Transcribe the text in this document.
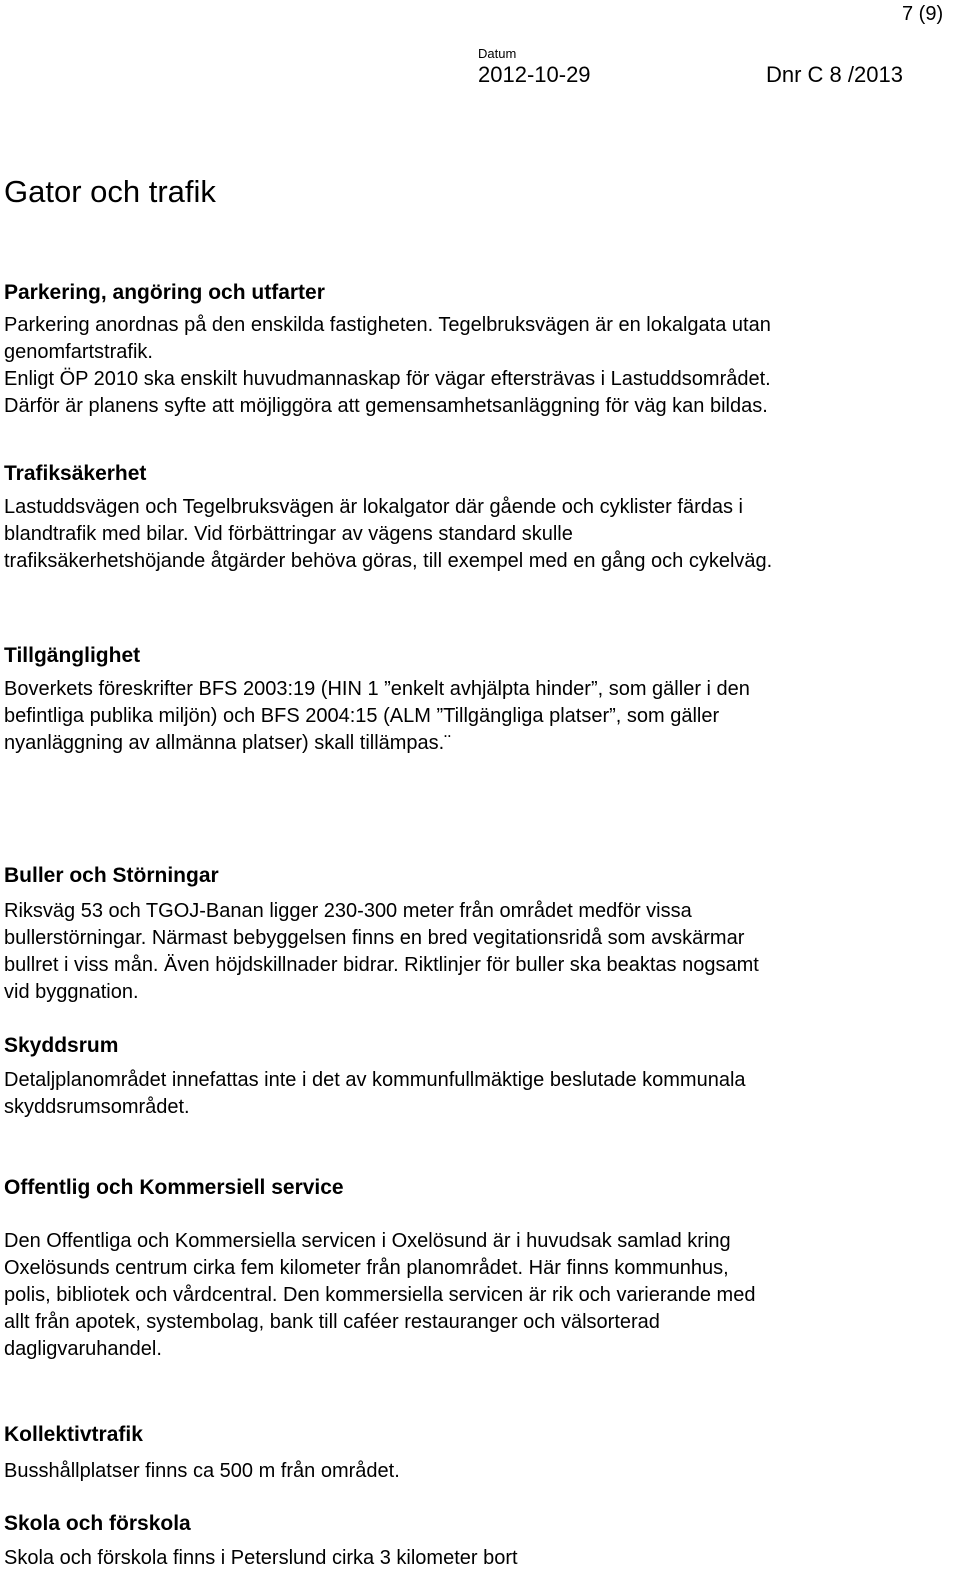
7 (9)
Datum
2012-10-29	Dnr C 8 /2013
Gator och trafik
Parkering, angöring och utfarter
Parkering anordnas på den enskilda fastigheten. Tegelbruksvägen är en lokalgata utan
genomfartstrafik.
Enligt ÖP 2010 ska enskilt huvudmannaskap för vägar eftersträvas i Lastuddsområdet.
Därför är planens syfte att möjliggöra att gemensamhetsanläggning för väg kan bildas.
Trafiksäkerhet
Lastuddsvägen och Tegelbruksvägen är lokalgator där gående och cyklister färdas i
blandtrafik med bilar. Vid förbättringar av vägens standard skulle
trafiksäkerhetshöjande åtgärder behöva göras, till exempel med en gång och cykelväg.
Tillgänglighet
Boverkets föreskrifter BFS 2003:19 (HIN 1 ”enkelt avhjälpta hinder”, som gäller i den
befintliga publika miljön) och BFS 2004:15 (ALM ”Tillgängliga platser”, som gäller
nyanläggning av allmänna platser) skall tillämpas.¨
Buller och Störningar
Riksväg 53 och TGOJ-Banan ligger 230-300 meter från området medför vissa
bullerstörningar. Närmast bebyggelsen finns en bred vegitationsridå som avskärmar
bullret i viss mån. Även höjdskillnader bidrar. Riktlinjer för buller ska beaktas nogsamt
vid byggnation.
Skyddsrum
Detaljplanområdet innefattas inte i det av kommunfullmäktige beslutade kommunala
skyddsrumsområdet.
Offentlig och Kommersiell service
Den Offentliga och Kommersiella servicen i Oxelösund är i huvudsak samlad kring
Oxelösunds centrum cirka fem kilometer från planområdet. Här finns kommunhus,
polis, bibliotek och vårdcentral. Den kommersiella servicen är rik och varierande med
allt från apotek, systembolag, bank till caféer restauranger och välsorterad
dagligvaruhandel.
Kollektivtrafik
Busshållplatser finns ca 500 m från området.
Skola och förskola
Skola och förskola finns i Peterslund cirka 3 kilometer bort
